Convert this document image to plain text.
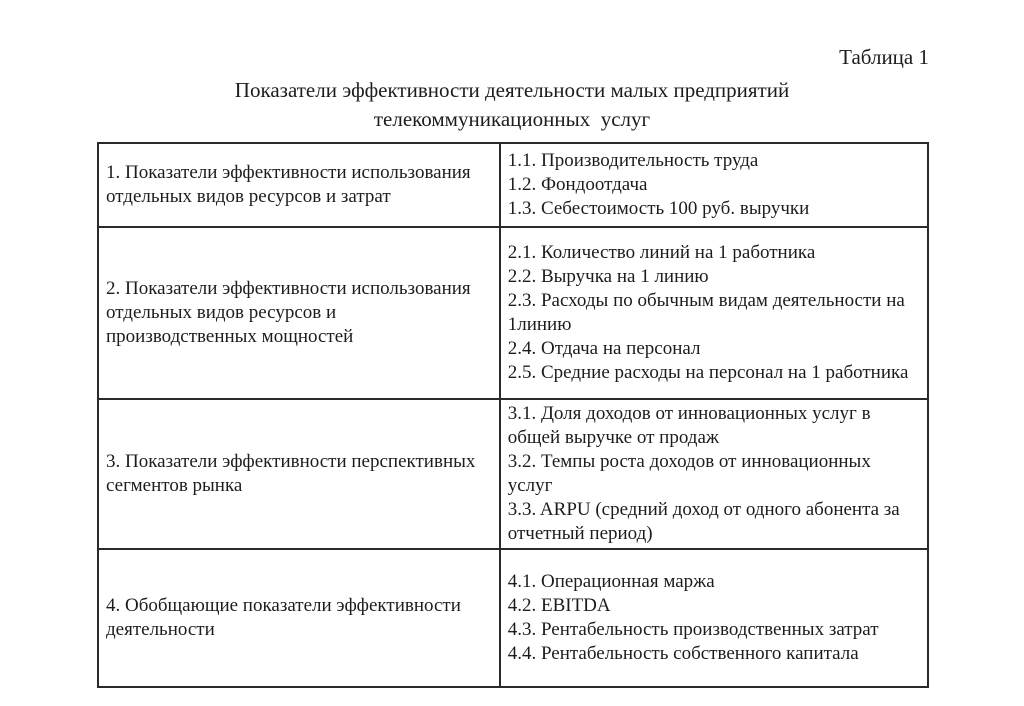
Таблица 1
Показатели эффективности деятельности малых предприятий
телекоммуникационных  услуг
1. Показатели эффективности использования отдельных видов ресурсов и затрат	1.1. Производительность труда
1.2. Фондоотдача
1.3. Себестоимость 100 руб. выручки

2. Показатели эффективности использования отдельных видов ресурсов и производственных мощностей	2.1. Количество линий на 1 работника
2.2. Выручка на 1 линию
2.3. Расходы по обычным видам деятельности на 1линию
2.4. Отдача на персонал
2.5. Средние расходы на персонал на 1 работника

3. Показатели эффективности перспективных сегментов рынка	3.1. Доля доходов от инновационных услуг в общей выручке от продаж
3.2. Темпы роста доходов от инновационных услуг
3.3. ARPU (средний доход от одного абонента за отчетный период)

4. Обобщающие показатели эффективности деятельности	4.1. Операционная маржа
4.2. EBITDA
4.3. Рентабельность производственных затрат
4.4. Рентабельность собственного капитала
